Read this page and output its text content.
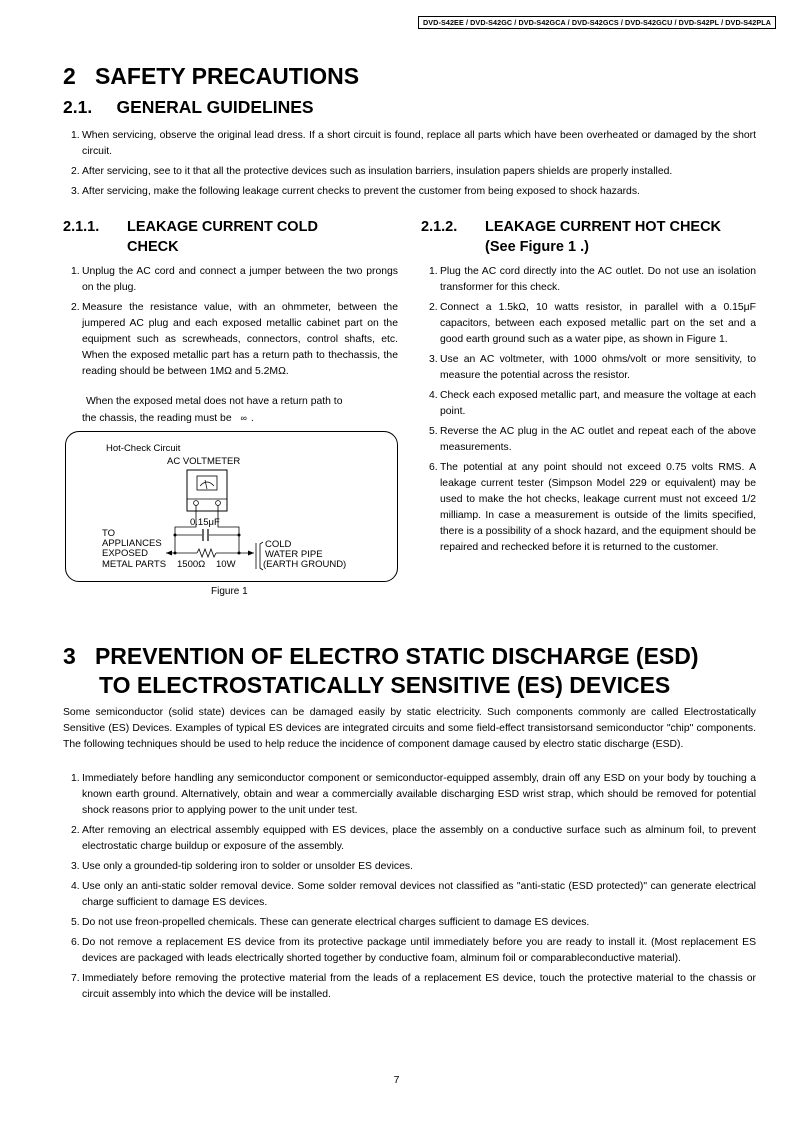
DVD-S42EE / DVD-S42GC / DVD-S42GCA / DVD-S42GCS / DVD-S42GCU / DVD-S42PL / DVD-S42PLA
2 SAFETY PRECAUTIONS
2.1. GENERAL GUIDELINES
1. When servicing, observe the original lead dress. If a short circuit is found, replace all parts which have been overheated or damaged by the short circuit.
2. After servicing, see to it that all the protective devices such as insulation barriers, insulation papers shields are properly installed.
3. After servicing, make the following leakage current checks to prevent the customer from being exposed to shock hazards.
2.1.1.	LEAKAGE CURRENT COLD
CHECK
1. Unplug the AC cord and connect a jumper between the two prongs on the plug.
2. Measure the resistance value, with an ohmmeter, between the jumpered AC plug and each exposed metallic cabinet part on the equipment such as screwheads, connectors, control shafts, etc. When the exposed metallic part has a return path to thechassis, the reading should be between 1MΩ and 5.2MΩ.
When the exposed metal does not have a return path to
the chassis, the reading must be ∞ .
Hot-Check Circuit
AC VOLTMETER
0.15μF
TO
APPLIANCES
EXPOSED
METAL PARTS 1500Ω 10W
COLD
WATER PIPE
(EARTH GROUND)
Figure 1
2.1.2.	LEAKAGE CURRENT HOT CHECK
(See Figure 1 .)
1. Plug the AC cord directly into the AC outlet. Do not use an isolation transformer for this check.
2. Connect a 1.5kΩ, 10 watts resistor, in parallel with a 0.15μF capacitors, between each exposed metallic part on the set and a good earth ground such as a water pipe, as shown in Figure 1.
3. Use an AC voltmeter, with 1000 ohms/volt or more sensitivity, to measure the potential across the resistor.
4. Check each exposed metallic part, and measure the voltage at each point.
5. Reverse the AC plug in the AC outlet and repeat each of the above measurements.
6. The potential at any point should not exceed 0.75 volts RMS. A leakage current tester (Simpson Model 229 or equivalent) may be used to make the hot checks, leakage current must not exceed 1/2 milliamp. In case a measurement is outside of the limits specified, there is a possibility of a shock hazard, and the equipment should be repaired and rechecked before it is returned to the customer.
3 PREVENTION OF ELECTRO STATIC DISCHARGE (ESD)
TO ELECTROSTATICALLY SENSITIVE (ES) DEVICES

Some semiconductor (solid state) devices can be damaged easily by static electricity. Such components commonly are called Electrostatically Sensitive (ES) Devices. Examples of typical ES devices are integrated circuits and some field-effect transistorsand semiconductor "chip" components. The following techniques should be used to help reduce the incidence of component damage caused by electro static discharge (ESD).

1. Immediately before handling any semiconductor component or semiconductor-equipped assembly, drain off any ESD on your body by touching a known earth ground. Alternatively, obtain and wear a commercially available discharging ESD wrist strap, which should be removed for potential shock reasons prior to applying power to the unit under test.
2. After removing an electrical assembly equipped with ES devices, place the assembly on a conductive surface such as alminum foil, to prevent electrostatic charge buildup or exposure of the assembly.
3. Use only a grounded-tip soldering iron to solder or unsolder ES devices.
4. Use only an anti-static solder removal device. Some solder removal devices not classified as "anti-static (ESD protected)" can generate electrical charge sufficient to damage ES devices.
5. Do not use freon-propelled chemicals. These can generate electrical charges sufficient to damage ES devices.
6. Do not remove a replacement ES device from its protective package until immediately before you are ready to install it. (Most replacement ES devices are packaged with leads electrically shorted together by conductive foam, alminum foil or comparableconductive material).
7. Immediately before removing the protective material from the leads of a replacement ES device, touch the protective material to the chassis or circuit assembly into which the device will be installed.
7
